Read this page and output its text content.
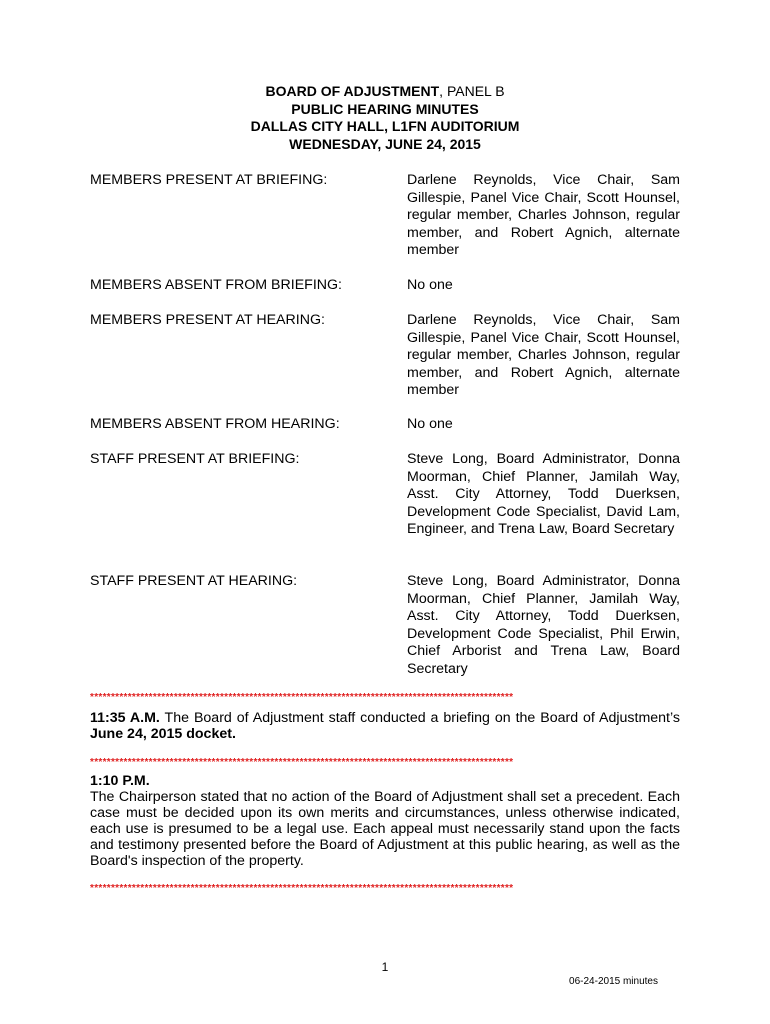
BOARD OF ADJUSTMENT, PANEL B
PUBLIC HEARING MINUTES
DALLAS CITY HALL, L1FN AUDITORIUM
WEDNESDAY, JUNE 24, 2015
MEMBERS PRESENT AT BRIEFING:	Darlene Reynolds, Vice Chair, Sam Gillespie, Panel Vice Chair, Scott Hounsel, regular member, Charles Johnson, regular member, and Robert Agnich, alternate member
MEMBERS ABSENT FROM BRIEFING:	No one
MEMBERS PRESENT AT HEARING:	Darlene Reynolds, Vice Chair, Sam Gillespie, Panel Vice Chair, Scott Hounsel, regular member, Charles Johnson, regular member, and Robert Agnich, alternate member
MEMBERS ABSENT FROM HEARING:	No one
STAFF PRESENT AT BRIEFING:	Steve Long, Board Administrator, Donna Moorman, Chief Planner, Jamilah Way, Asst. City Attorney, Todd Duerksen, Development Code Specialist, David Lam, Engineer, and Trena Law, Board Secretary
STAFF PRESENT AT HEARING:	Steve Long, Board Administrator, Donna Moorman, Chief Planner, Jamilah Way, Asst. City Attorney, Todd Duerksen, Development Code Specialist, Phil Erwin, Chief Arborist and Trena Law, Board Secretary
*****************************************************************************************************
11:35 A.M. The Board of Adjustment staff conducted a briefing on the Board of Adjustment’s June 24, 2015 docket.
*****************************************************************************************************
1:10 P.M.
The Chairperson stated that no action of the Board of Adjustment shall set a precedent. Each case must be decided upon its own merits and circumstances, unless otherwise indicated, each use is presumed to be a legal use. Each appeal must necessarily stand upon the facts and testimony presented before the Board of Adjustment at this public hearing, as well as the Board's inspection of the property.
*****************************************************************************************************
1
06-24-2015 minutes
